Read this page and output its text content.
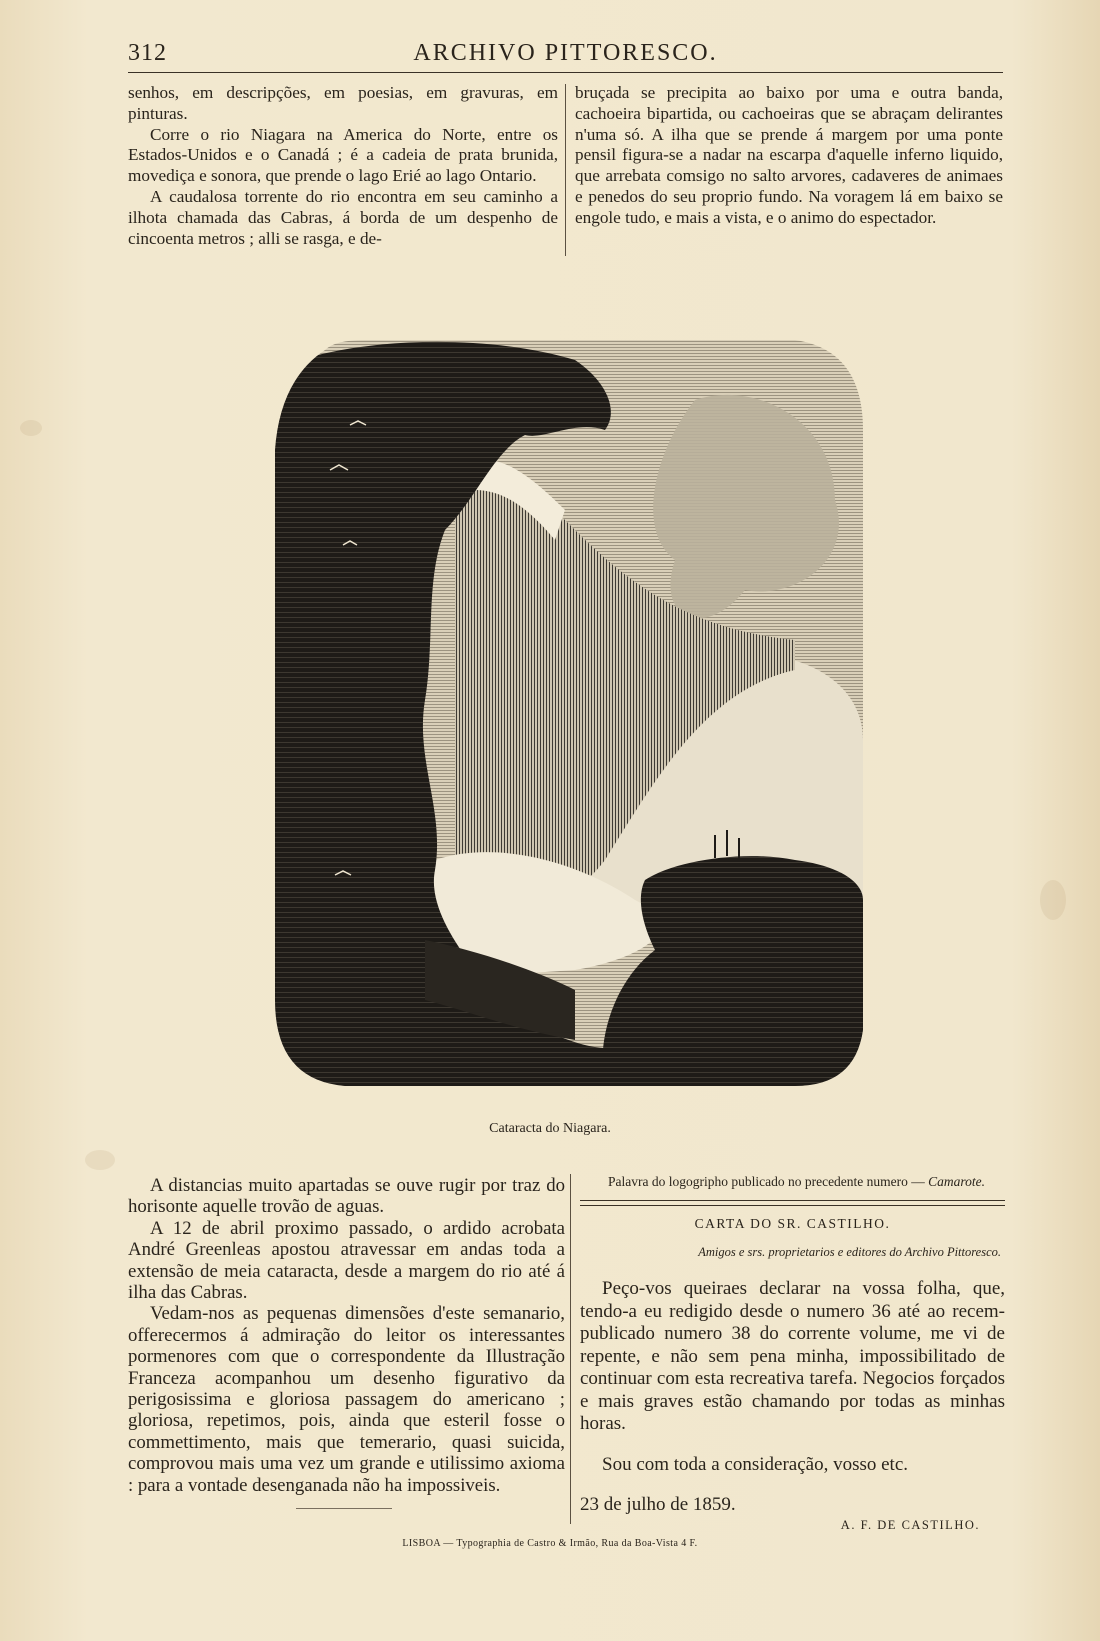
312	ARCHIVO PITTORESCO.

senhos, em descripções, em poesias, em gravuras, em pinturas.

Corre o rio Niagara na America do Norte, entre os Estados-Unidos e o Canadá ; é a cadeia de prata brunida, movediça e sonora, que prende o lago Erié ao lago Ontario.

A caudalosa torrente do rio encontra em seu caminho a ilhota chamada das Cabras, á borda de um despenho de cincoenta metros ; alli se rasga, e de-

bruçada se precipita ao baixo por uma e outra banda, cachoeira bipartida, ou cachoeiras que se abraçam delirantes n'uma só. A ilha que se prende á margem por uma ponte pensil figura-se a nadar na escarpa d'aquelle inferno liquido, que arrebata comsigo no salto arvores, cadaveres de animaes e penedos do seu proprio fundo. Na voragem lá em baixo se engole tudo, e mais a vista, e o animo do espectador.

Cataracta do Niagara.

A distancias muito apartadas se ouve rugir por traz do horisonte aquelle trovão de aguas.

A 12 de abril proximo passado, o ardido acrobata André Greenleas apostou atravessar em andas toda a extensão de meia cataracta, desde a margem do rio até á ilha das Cabras.

Vedam-nos as pequenas dimensões d'este semanario, offerecermos á admiração do leitor os interessantes pormenores com que o correspondente da Illustração Franceza acompanhou um desenho figurativo da perigosissima e gloriosa passagem do americano ; gloriosa, repetimos, pois, ainda que esteril fosse o commettimento, mais que temerario, quasi suicida, comprovou mais uma vez um grande e utilissimo axioma : para a vontade desenganada não ha impossiveis.

Palavra do logogripho publicado no precedente numero — Camarote.

CARTA DO SR. CASTILHO.
Amigos e srs. proprietarios e editores do Archivo Pittoresco.

Peço-vos queiraes declarar na vossa folha, que, tendo-a eu redigido desde o numero 36 até ao recem-publicado numero 38 do corrente volume, me vi de repente, e não sem pena minha, impossibilitado de continuar com esta recreativa tarefa. Negocios forçados e mais graves estão chamando por todas as minhas horas.

Sou com toda a consideração, vosso etc.

23 de julho de 1859.
A. F. DE CASTILHO.
LISBOA — Typographia de Castro & Irmão, Rua da Boa-Vista 4 F.
